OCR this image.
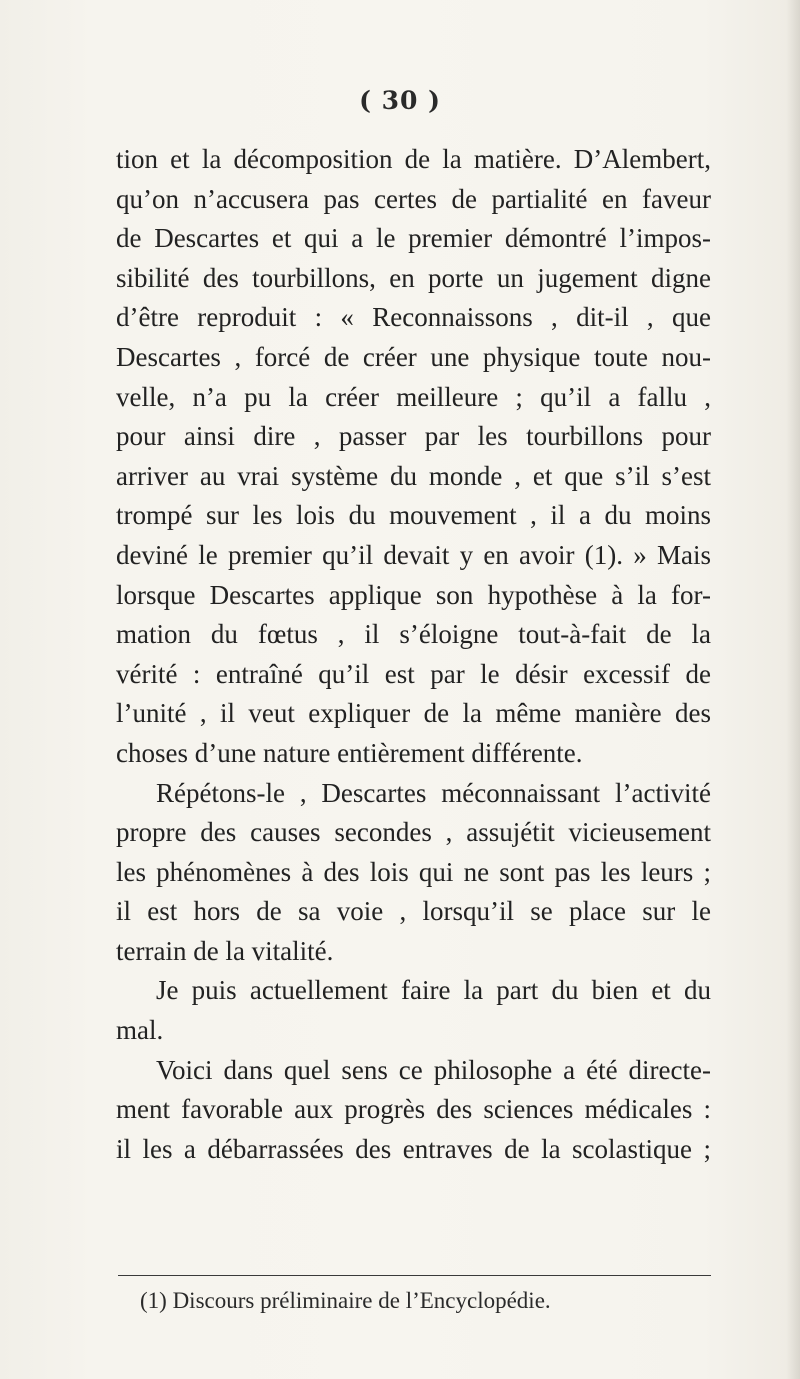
( 30 )
tion et la décomposition de la matière. D’Alembert,
qu’on n’accusera pas certes de partialité en faveur
de Descartes et qui a le premier démontré l’impos-
sibilité des tourbillons, en porte un jugement digne
d’être reproduit : « Reconnaissons , dit-il , que
Descartes , forcé de créer une physique toute nou-
velle, n’a pu la créer meilleure ; qu’il a fallu ,
pour ainsi dire , passer par les tourbillons pour
arriver au vrai système du monde , et que s’il s’est
trompé sur les lois du mouvement , il a du moins
deviné le premier qu’il devait y en avoir (1). » Mais
lorsque Descartes applique son hypothèse à la for-
mation du fœtus , il s’éloigne tout-à-fait de la
vérité : entraîné qu’il est par le désir excessif de
l’unité , il veut expliquer de la même manière des
choses d’une nature entièrement différente.
Répétons-le , Descartes méconnaissant l’activité
propre des causes secondes , assujétit vicieusement
les phénomènes à des lois qui ne sont pas les leurs ;
il est hors de sa voie , lorsqu’il se place sur le
terrain de la vitalité.
Je puis actuellement faire la part du bien et du
mal.
Voici dans quel sens ce philosophe a été directe-
ment favorable aux progrès des sciences médicales :
il les a débarrassées des entraves de la scolastique ;

(1) Discours préliminaire de l’Encyclopédie.
